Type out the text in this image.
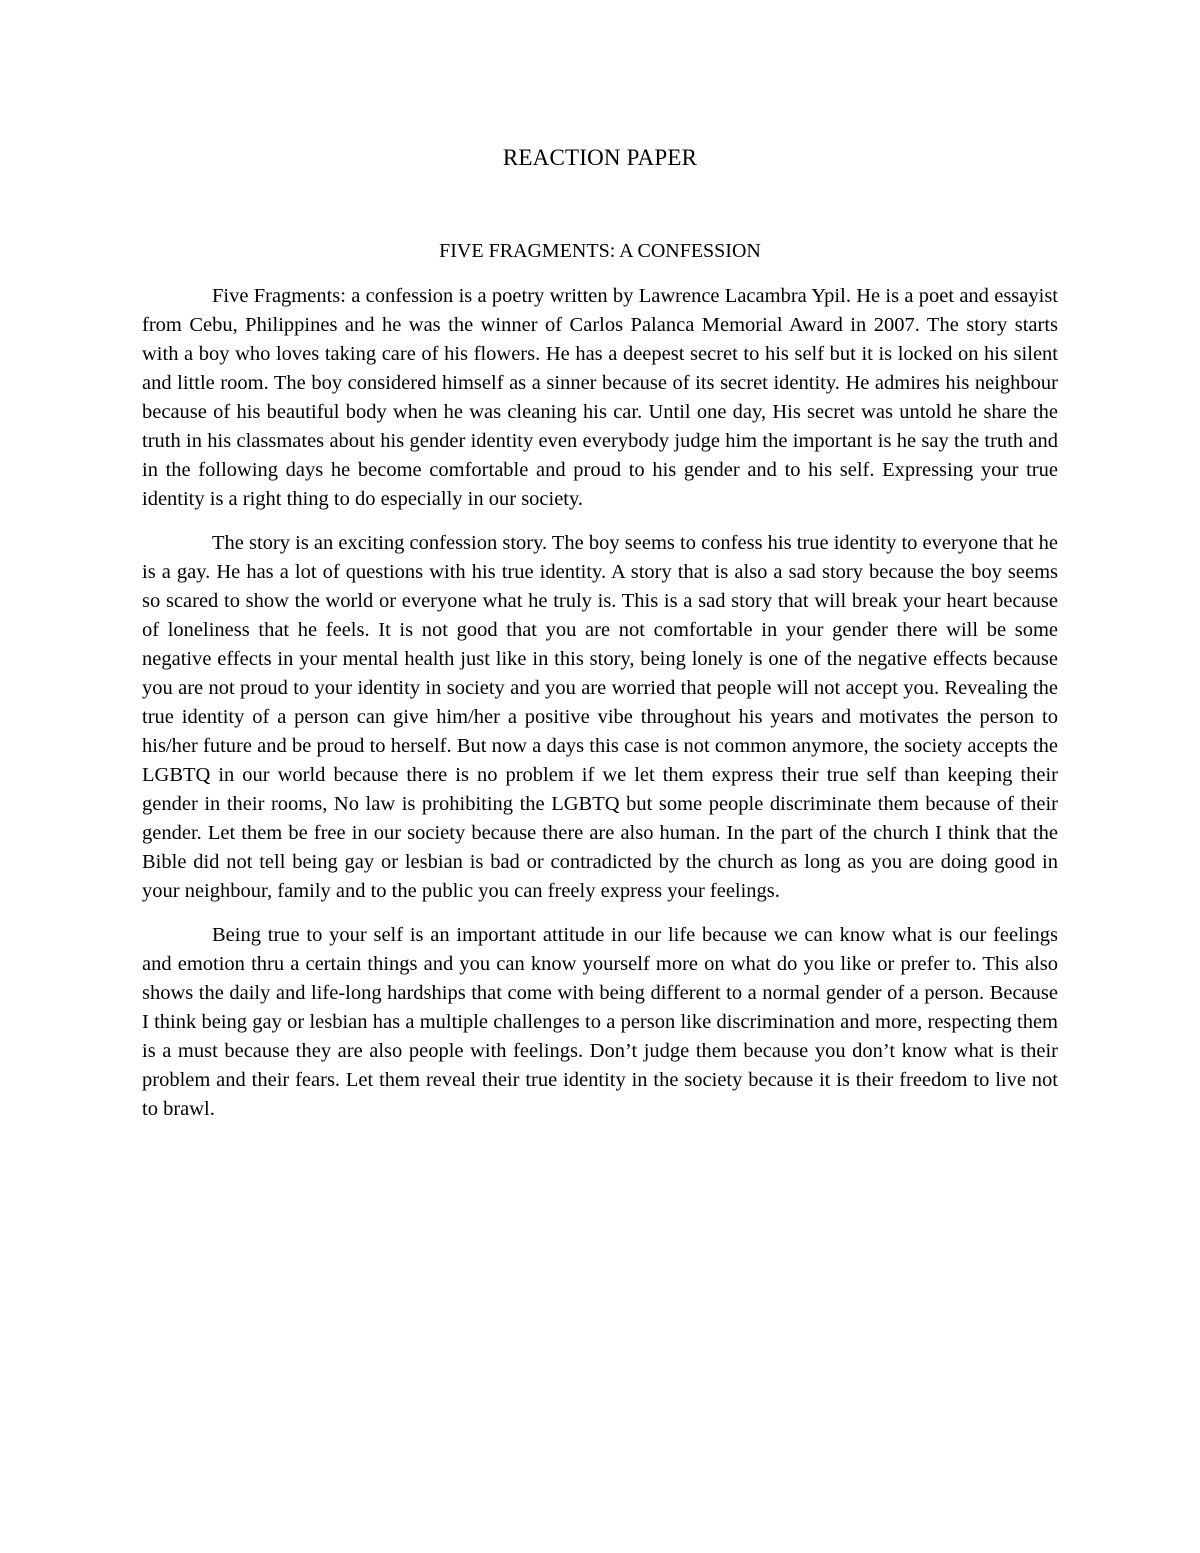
REACTION PAPER
FIVE FRAGMENTS: A CONFESSION

Five Fragments: a confession is a poetry written by Lawrence Lacambra Ypil. He is a poet and essayist from Cebu, Philippines and he was the winner of Carlos Palanca Memorial Award in 2007. The story starts with a boy who loves taking care of his flowers. He has a deepest secret to his self but it is locked on his silent and little room. The boy considered himself as a sinner because of its secret identity. He admires his neighbour because of his beautiful body when he was cleaning his car. Until one day, His secret was untold he share the truth in his classmates about his gender identity even everybody judge him the important is he say the truth and in the following days he become comfortable and proud to his gender and to his self. Expressing your true identity is a right thing to do especially in our society.

The story is an exciting confession story. The boy seems to confess his true identity to everyone that he is a gay. He has a lot of questions with his true identity. A story that is also a sad story because the boy seems so scared to show the world or everyone what he truly is. This is a sad story that will break your heart because of loneliness that he feels. It is not good that you are not comfortable in your gender there will be some negative effects in your mental health just like in this story, being lonely is one of the negative effects because you are not proud to your identity in society and you are worried that people will not accept you. Revealing the true identity of a person can give him/her a positive vibe throughout his years and motivates the person to his/her future and be proud to herself. But now a days this case is not common anymore, the society accepts the LGBTQ in our world because there is no problem if we let them express their true self than keeping their gender in their rooms, No law is prohibiting the LGBTQ but some people discriminate them because of their gender. Let them be free in our society because there are also human. In the part of the church I think that the Bible did not tell being gay or lesbian is bad or contradicted by the church as long as you are doing good in your neighbour, family and to the public you can freely express your feelings.

Being true to your self is an important attitude in our life because we can know what is our feelings and emotion thru a certain things and you can know yourself more on what do you like or prefer to. This also shows the daily and life-long hardships that come with being different to a normal gender of a person. Because I think being gay or lesbian has a multiple challenges to a person like discrimination and more, respecting them is a must because they are also people with feelings. Don’t judge them because you don’t know what is their problem and their fears. Let them reveal their true identity in the society because it is their freedom to live not to brawl.
